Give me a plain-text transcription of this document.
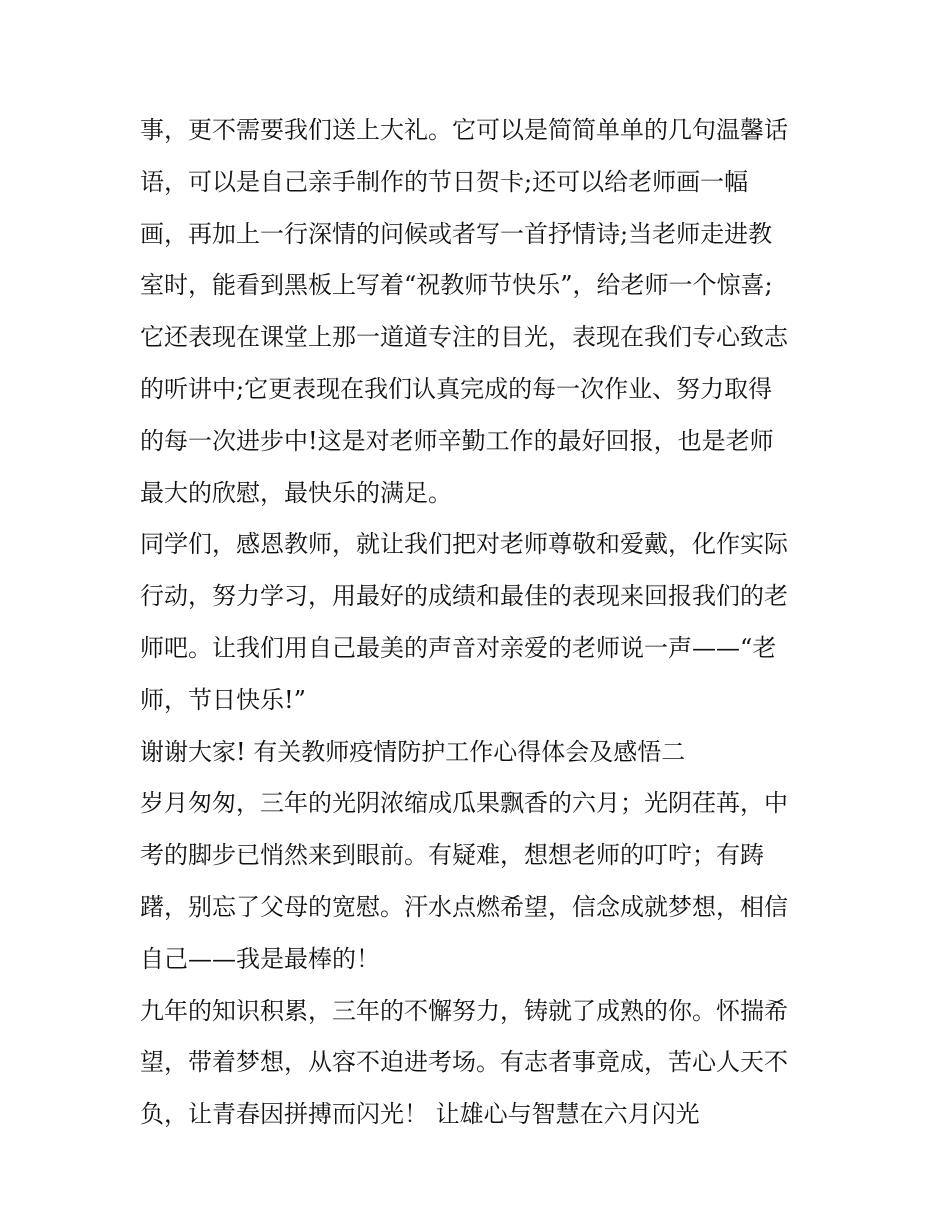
事，更不需要我们送上大礼。它可以是简简单单的几句温馨话
语，可以是自己亲手制作的节日贺卡;还可以给老师画一幅
画，再加上一行深情的问候或者写一首抒情诗;当老师走进教
室时，能看到黑板上写着“祝教师节快乐”，给老师一个惊喜;
它还表现在课堂上那一道道专注的目光，表现在我们专心致志
的听讲中;它更表现在我们认真完成的每一次作业、努力取得
的每一次进步中!这是对老师辛勤工作的最好回报，也是老师
最大的欣慰，最快乐的满足。
同学们，感恩教师，就让我们把对老师尊敬和爱戴，化作实际
行动，努力学习，用最好的成绩和最佳的表现来回报我们的老
师吧。让我们用自己最美的声音对亲爱的老师说一声——“老
师，节日快乐!”
谢谢大家! 有关教师疫情防护工作心得体会及感悟二
岁月匆匆，三年的光阴浓缩成瓜果飘香的六月；光阴荏苒，中
考的脚步已悄然来到眼前。有疑难，想想老师的叮咛；有踌
躇，别忘了父母的宽慰。汗水点燃希望，信念成就梦想，相信
自己——我是最棒的！
九年的知识积累，三年的不懈努力，铸就了成熟的你。怀揣希
望，带着梦想，从容不迫进考场。有志者事竟成，苦心人天不
负，让青春因拼搏而闪光！ 让雄心与智慧在六月闪光
